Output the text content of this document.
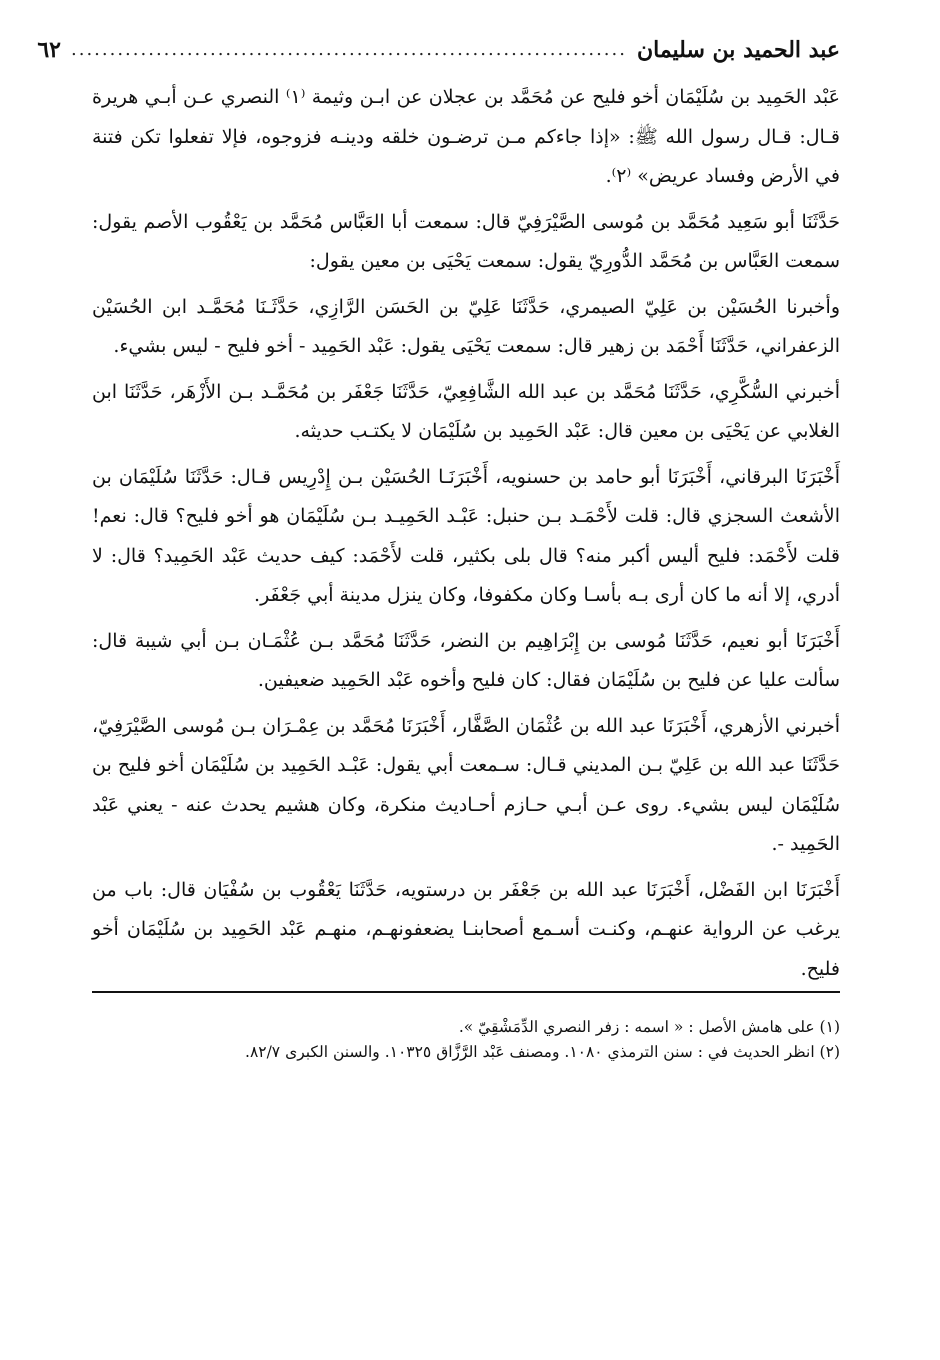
عبد الحميد بن سليمان
........................................................................
٦٢

عَبْد الحَمِيد بن سُلَيْمَان أخو فليح عن مُحَمَّد بن عجلان عن ابـن وثيمة ⁽١⁾ النصري عـن أبـي هريرة قـال: قـال رسول الله ﷺ: «إذا جاءكم مـن ترضـون خلقه ودينـه فزوجوه، فإلا تفعلوا تكن فتنة في الأرض وفساد عريض» ⁽٢⁾.

حَدَّثَنَا أبو سَعِيد مُحَمَّد بن مُوسى الصَّيْرَفِيّ قال: سمعت أبا العَبَّاس مُحَمَّد بن يَعْقُوب الأصم يقول: سمعت العَبَّاس بن مُحَمَّد الدُّورِيّ يقول: سمعت يَحْيَى بن معين يقول:

وأخبرنا الحُسَيْن بن عَلِيّ الصيمري، حَدَّثَنَا عَلِيّ بن الحَسَن الرَّازِي، حَدَّثَـنَا مُحَمَّـد ابن الحُسَيْن الزعفراني، حَدَّثَنَا أَحْمَد بن زهير قال: سمعت يَحْيَى يقول: عَبْد الحَمِيد - أخو فليح - ليس بشيء.

أخبرني السُّكَّرِي، حَدَّثَنَا مُحَمَّد بن عبد الله الشَّافِعِيّ، حَدَّثَنَا جَعْفَر بن مُحَمَّـد بـن الأَزْهَر، حَدَّثَنَا ابن الغلابي عن يَحْيَى بن معين قال: عَبْد الحَمِيد بن سُلَيْمَان لا يكتـب حديثه.

أَخْبَرَنَا البرقاني، أَخْبَرَنَا أبو حامد بن حسنويه، أَخْبَرَنَـا الحُسَيْن بـن إِدْرِيس قـال: حَدَّثَنَا سُلَيْمَان بن الأشعث السجزي قال: قلت لأَحْمَـد بـن حنبل: عَبْـد الحَمِيـد بـن سُلَيْمَان هو أخو فليح؟ قال: نعم! قلت لأَحْمَد: فليح أليس أكبر منه؟ قال بلى بكثير، قلت لأَحْمَد: كيف حديث عَبْد الحَمِيد؟ قال: لا أدري، إلا أنه ما كان أرى بـه بأسـا وكان مكفوفا، وكان ينزل مدينة أبي جَعْفَر.

أَخْبَرَنَا أبو نعيم، حَدَّثَنَا مُوسى بن إِبْرَاهِيم بن النضر، حَدَّثَنَا مُحَمَّد بـن عُثْمَـان بـن أبي شيبة قال: سألت عليا عن فليح بن سُلَيْمَان فقال: كان فليح وأخوه عَبْد الحَمِيد ضعيفين.

أخبرني الأزهري، أَخْبَرَنَا عبد الله بن عُثْمَان الصَّفَّار، أَخْبَرَنَا مُحَمَّد بن عِمْـرَان بـن مُوسى الصَّيْرَفِيّ، حَدَّثَنَا عبد الله بن عَلِيّ بـن المديني قـال: سـمعت أبي يقول: عَبْـد الحَمِيد بن سُلَيْمَان أخو فليح بن سُلَيْمَان ليس بشيء. روى عـن أبـي حـازم أحـاديث منكرة، وكان هشيم يحدث عنه - يعني عَبْد الحَمِيد -.

أَخْبَرَنَا ابن الفَضْل، أَخْبَرَنَا عبد الله بن جَعْفَر بن درستويه، حَدَّثَنَا يَعْقُوب بن سُفْيَان قال: باب من يرغب عن الرواية عنهـم، وكنـت أسـمع أصحابنـا يضعفونهـم، منهـم عَبْد الحَمِيد بن سُلَيْمَان أخو فليح.

(١) على هامش الأصل : « اسمه : زفر النصري الدِّمَشْقِيّ ».

(٢) انظر الحديث في : سنن الترمذي ١٠٨٠. ومصنف عَبْد الرَّزَّاق ١٠٣٢٥. والسنن الكبرى ٨٢/٧.
